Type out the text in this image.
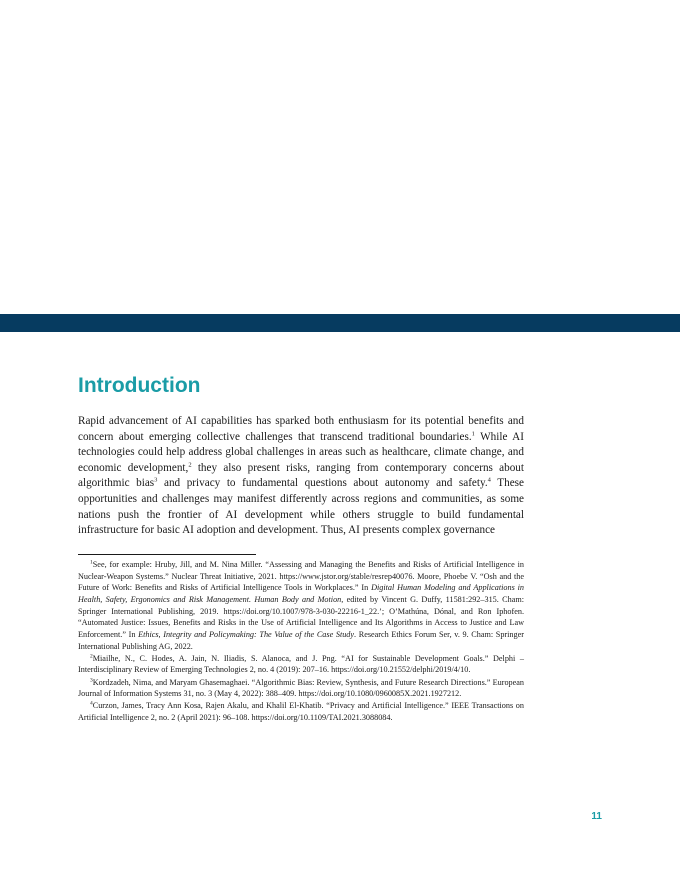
Introduction

Rapid advancement of AI capabilities has sparked both enthusiasm for its potential benefits and concern about emerging collective challenges that transcend traditional boundaries.$^1$ While AI technologies could help address global challenges in areas such as healthcare, climate change, and economic development,$^2$ they also present risks, ranging from contemporary concerns about algorithmic bias$^3$ and privacy to fundamental questions about autonomy and safety.$^4$ These opportunities and challenges may manifest differently across regions and communities, as some nations push the frontier of AI development while others struggle to build fundamental infrastructure for basic AI adoption and development. Thus, AI presents complex governance

$^1$See, for example: Hruby, Jill, and M. Nina Miller. “Assessing and Managing the Benefits and Risks of Artificial Intelligence in Nuclear-Weapon Systems.” Nuclear Threat Initiative, 2021. https://www.jstor.org/stable/resrep40076. Moore, Phoebe V. “Osh and the Future of Work: Benefits and Risks of Artificial Intelligence Tools in Workplaces.” In Digital Human Modeling and Applications in Health, Safety, Ergonomics and Risk Management. Human Body and Motion, edited by Vincent G. Duffy, 11581:292–315. Cham: Springer International Publishing, 2019. https://doi.org/10.1007/978-3-030-22216-1_22.’; O’Mathúna, Dónal, and Ron Iphofen. “Automated Justice: Issues, Benefits and Risks in the Use of Artificial Intelligence and Its Algorithms in Access to Justice and Law Enforcement.” In Ethics, Integrity and Policymaking: The Value of the Case Study. Research Ethics Forum Ser, v. 9. Cham: Springer International Publishing AG, 2022.

$^2$Miailhe, N., C. Hodes, A. Jain, N. Iliadis, S. Alanoca, and J. Png. “AI for Sustainable Development Goals.” Delphi – Interdisciplinary Review of Emerging Technologies 2, no. 4 (2019): 207–16. https://doi.org/10.21552/delphi/2019/4/10.

$^3$Kordzadeh, Nima, and Maryam Ghasemaghaei. “Algorithmic Bias: Review, Synthesis, and Future Research Directions.” European Journal of Information Systems 31, no. 3 (May 4, 2022): 388–409. https://doi.org/10.1080/0960085X.2021.1927212.

$^4$Curzon, James, Tracy Ann Kosa, Rajen Akalu, and Khalil El-Khatib. “Privacy and Artificial Intelligence.” IEEE Transactions on Artificial Intelligence 2, no. 2 (April 2021): 96–108. https://doi.org/10.1109/TAI.2021.3088084.

11
